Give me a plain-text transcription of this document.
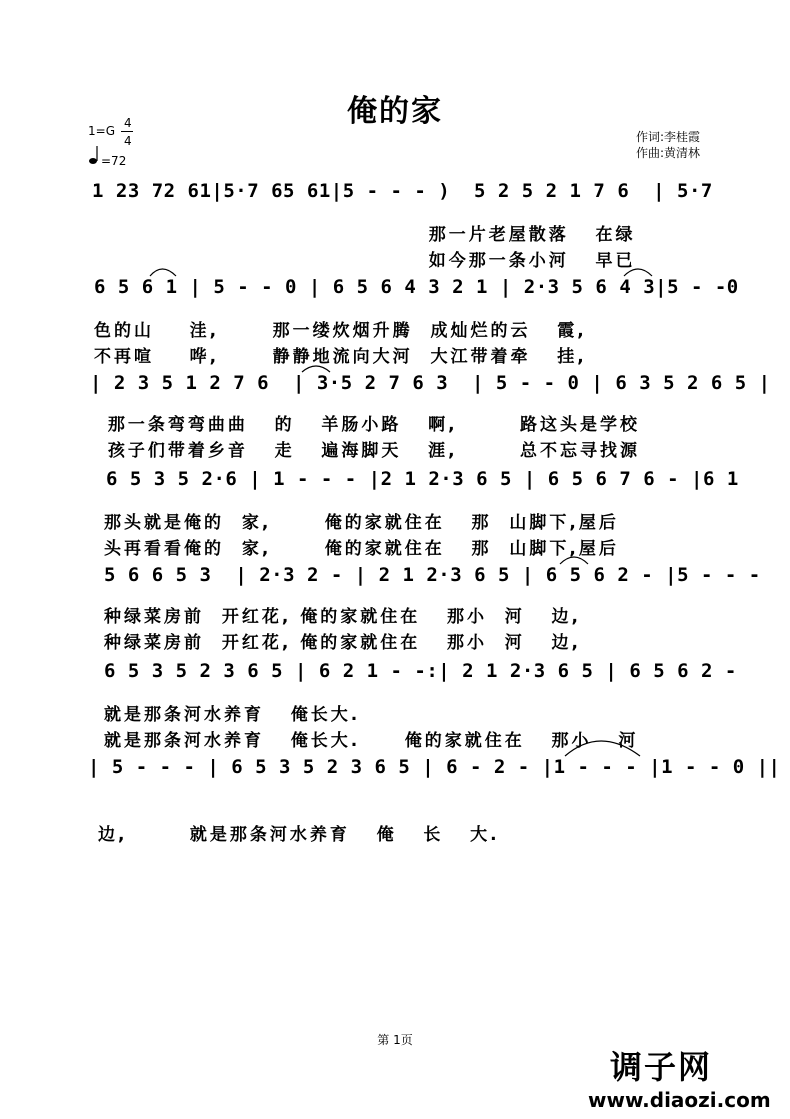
俺的家
1=G
4
4
=72
作词:李桂霞
作曲:黄清林
1 23 72 61|5·7 65 61|5 - - - )  5 2 5 2 1 7 6  | 5·7
那一片老屋散落   在绿
如今那一条小河   早已
6 5 6 1 | 5 - - 0 | 6 5 6 4 3 2 1 | 2·3 5 6 4 3|5 - -0
色的山    洼,      那一缕炊烟升腾  成灿烂的云   霞,
不再喧    哗,      静静地流向大河  大江带着牵   挂,
| 2 3 5 1 2 7 6  | 3·5 2 7 6 3  | 5 - - 0 | 6 3 5 2 6 5 |
那一条弯弯曲曲   的   羊肠小路   啊,       路这头是学校
孩子们带着乡音   走   遍海脚天   涯,       总不忘寻找源
6 5 3 5 2·6 | 1 - - - |2 1 2·3 6 5 | 6 5 6 7 6 - |6 1
那头就是俺的  家,      俺的家就住在   那  山脚下,屋后
头再看看俺的  家,      俺的家就住在   那  山脚下,屋后
5 6 6 5 3  | 2·3 2 - | 2 1 2·3 6 5 | 6 5 6 2 - |5 - - -
种绿菜房前  开红花, 俺的家就住在   那小  河   边,
种绿菜房前  开红花, 俺的家就住在   那小  河   边,
6 5 3 5 2 3 6 5 | 6 2 1 - -:| 2 1 2·3 6 5 | 6 5 6 2 -
就是那条河水养育   俺长大.
就是那条河水养育   俺长大.     俺的家就住在   那小   河
| 5 - - - | 6 5 3 5 2 3 6 5 | 6 - 2 - |1 - - - |1 - - 0 ||
边,       就是那条河水养育   俺   长   大.
第 1页
调子网
www.diaozi.com
